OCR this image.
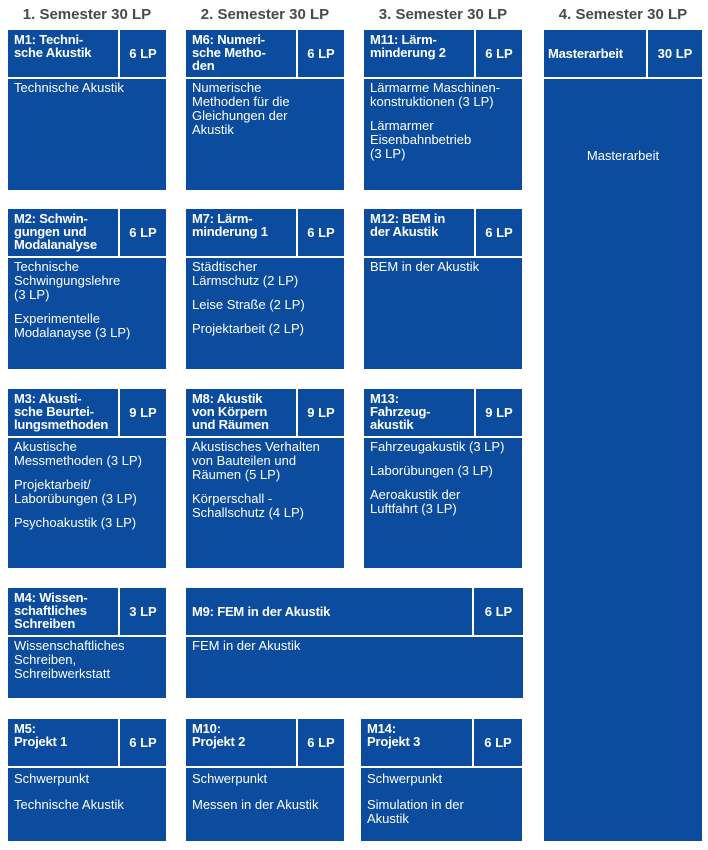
1. Semester 30 LP	2. Semester 30 LP	3. Semester 30 LP	4. Semester 30 LP
M1: Techni-
sche Akustik	6 LP

Technische Akustik

M2: Schwin-
gungen und
Modalanalyse
6 LP

Technische
Schwingungslehre
(3 LP)

Experimentelle
Modalanayse (3 LP)

M3: Akusti-
sche Beurtei-
lungsmethoden
9 LP

Akustische
Messmethoden (3 LP)

Projektarbeit/
Laborübungen (3 LP)

Psychoakustik (3 LP)

M4: Wissen-
schaftliches
Schreiben
3 LP

Wissenschaftliches
Schreiben,
Schreibwerkstatt

M5:
Projekt 1	6 LP

Schwerpunkt

Technische Akustik

M6: Numeri-
sche Metho-
den
6 LP

Numerische
Methoden für die
Gleichungen der
Akustik

M7: Lärm-
minderung 1	6 LP

Städtischer
Lärmschutz (2 LP)

Leise Straße (2 LP)

Projektarbeit (2 LP)

M8: Akustik
von Körpern
und Räumen
9 LP

Akustisches Verhalten
von Bauteilen und
Räumen (5 LP)

Körperschall -
Schallschutz (4 LP)

M9: FEM in der Akustik	6 LP

FEM in der Akustik

M10:
Projekt 2	6 LP

Schwerpunkt

Messen in der Akustik

M11: Lärm-
minderung 2	6 LP

Lärmarme Maschinen-
konstruktionen (3 LP)

Lärmarmer
Eisenbahnbetrieb
(3 LP)

M12: BEM in
der Akustik	6 LP

BEM in der Akustik

M13:
Fahrzeug-
akustik
9 LP

Fahrzeugakustik (3 LP)

Laborübungen (3 LP)

Aeroakustik der
Luftfahrt (3 LP)

M14:
Projekt 3	6 LP

Schwerpunkt

Simulation in der
Akustik

Masterarbeit	30 LP
Masterarbeit
